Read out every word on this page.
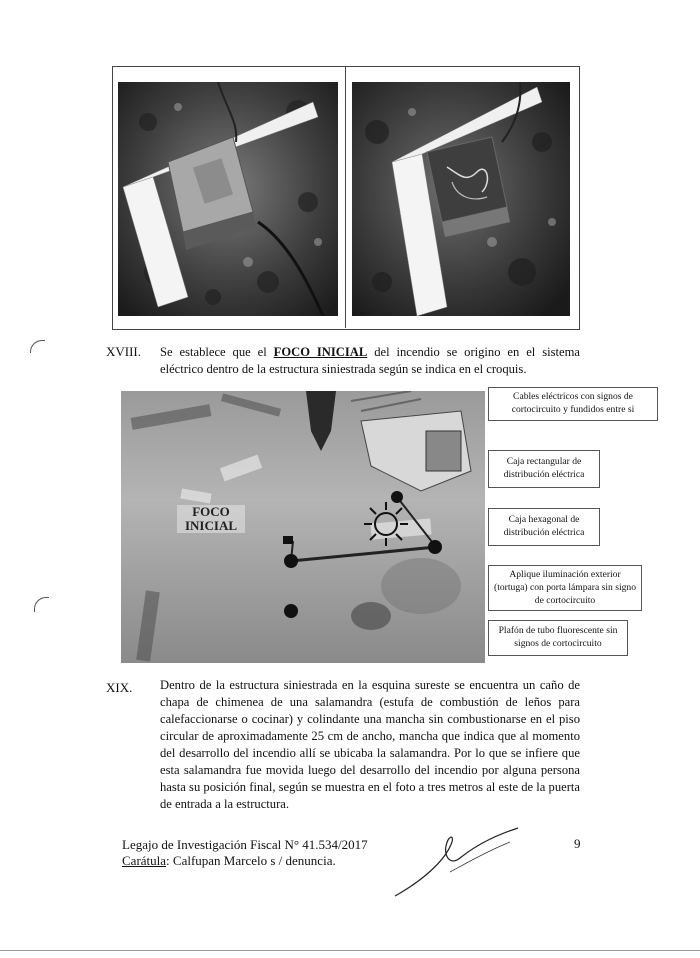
XVIII. Se establece que el FOCO INICIAL del incendio se origino en el sistema eléctrico dentro de la estructura siniestrada según se indica en el croquis.
FOCO
INICIAL
Cables eléctricos con signos de cortocircuito y fundidos entre si
Caja rectangular de distribución eléctrica
Caja hexagonal de distribución eléctrica
Aplique iluminación exterior (tortuga) con porta lámpara sin signo de cortocircuito
Plafón de tubo fluorescente sin signos de cortocircuito
XIX. Dentro de la estructura siniestrada en la esquina sureste se encuentra un caño de chapa de chimenea de una salamandra (estufa de combustión de leños para calefaccionarse o cocinar) y colindante una mancha sin combustionarse en el piso circular de aproximadamente 25 cm de ancho, mancha que indica que al momento del desarrollo del incendio allí se ubicaba la salamandra. Por lo que se infiere que esta salamandra fue movida luego del desarrollo del incendio por alguna persona hasta su posición final, según se muestra en el foto a tres metros al este de la puerta de entrada a la estructura.
Legajo de Investigación Fiscal N° 41.534/2017
Carátula: Calfupan Marcelo s / denuncia.
9
